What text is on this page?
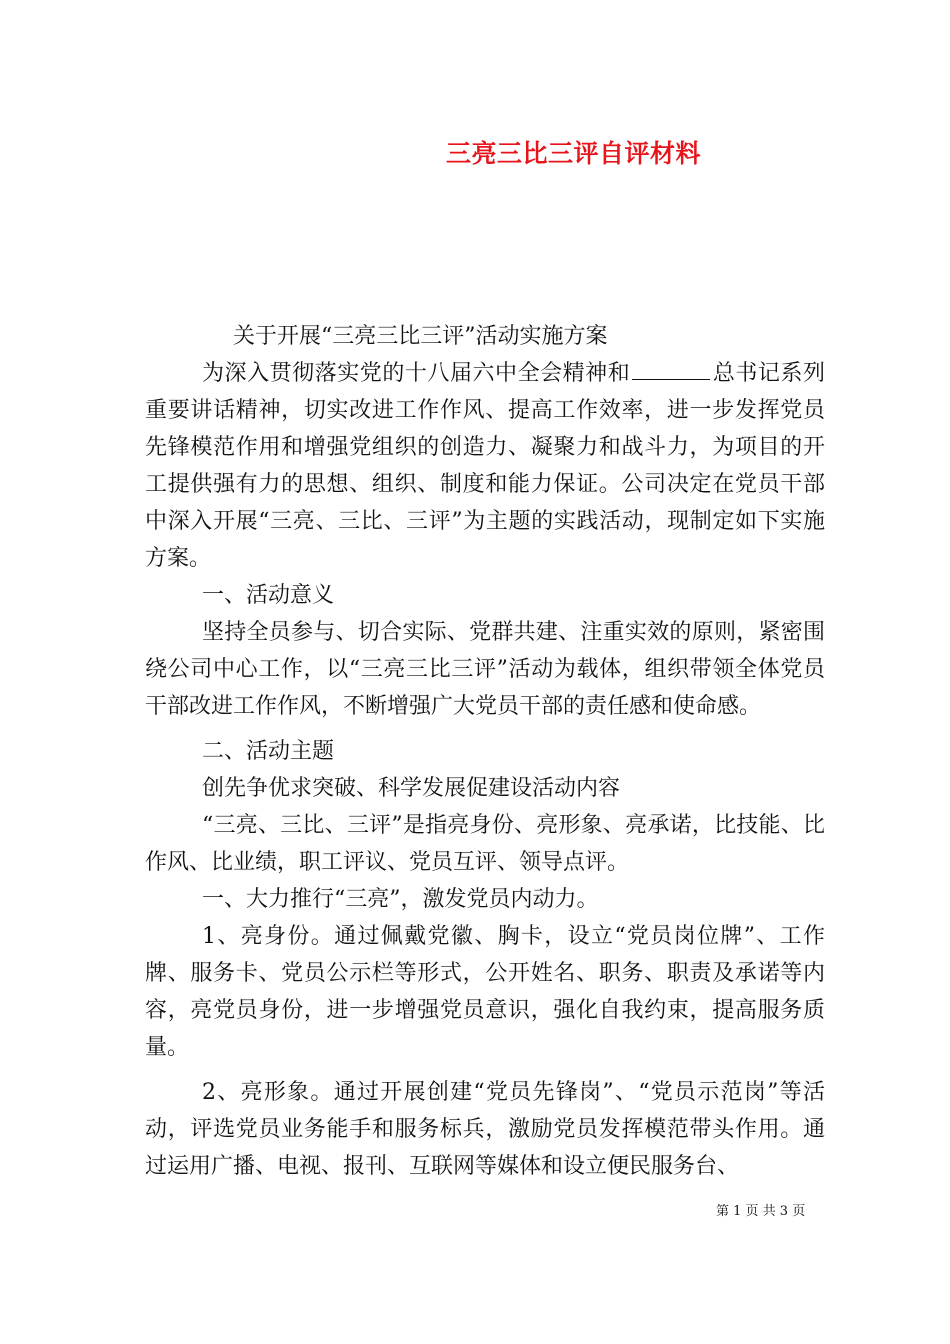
三亮三比三评自评材料

关于开展“三亮三比三评”活动实施方案

为深入贯彻落实党的十八届六中全会精神和	总书记系列重要讲话精神，切实改进工作作风、提高工作效率，进一步发挥党员先锋模范作用和增强党组织的创造力、凝聚力和战斗力，为项目的开工提供强有力的思想、组织、制度和能力保证。公司决定在党员干部中深入开展“三亮、三比、三评”为主题的实践活动，现制定如下实施方案。

一、活动意义

坚持全员参与、切合实际、党群共建、注重实效的原则，紧密围绕公司中心工作，以“三亮三比三评”活动为载体，组织带领全体党员干部改进工作作风，不断增强广大党员干部的责任感和使命感。

二、活动主题

创先争优求突破、科学发展促建设活动内容

“三亮、三比、三评”是指亮身份、亮形象、亮承诺，比技能、比作风、比业绩，职工评议、党员互评、领导点评。

一、大力推行“三亮”，激发党员内动力。

1、亮身份。通过佩戴党徽、胸卡，设立“党员岗位牌”、工作牌、服务卡、党员公示栏等形式，公开姓名、职务、职责及承诺等内容，亮党员身份，进一步增强党员意识，强化自我约束，提高服务质量。

2、亮形象。通过开展创建“党员先锋岗”、“党员示范岗”等活动，评选党员业务能手和服务标兵，激励党员发挥模范带头作用。通过运用广播、电视、报刊、互联网等媒体和设立便民服务台、

第 1 页 共 3 页
